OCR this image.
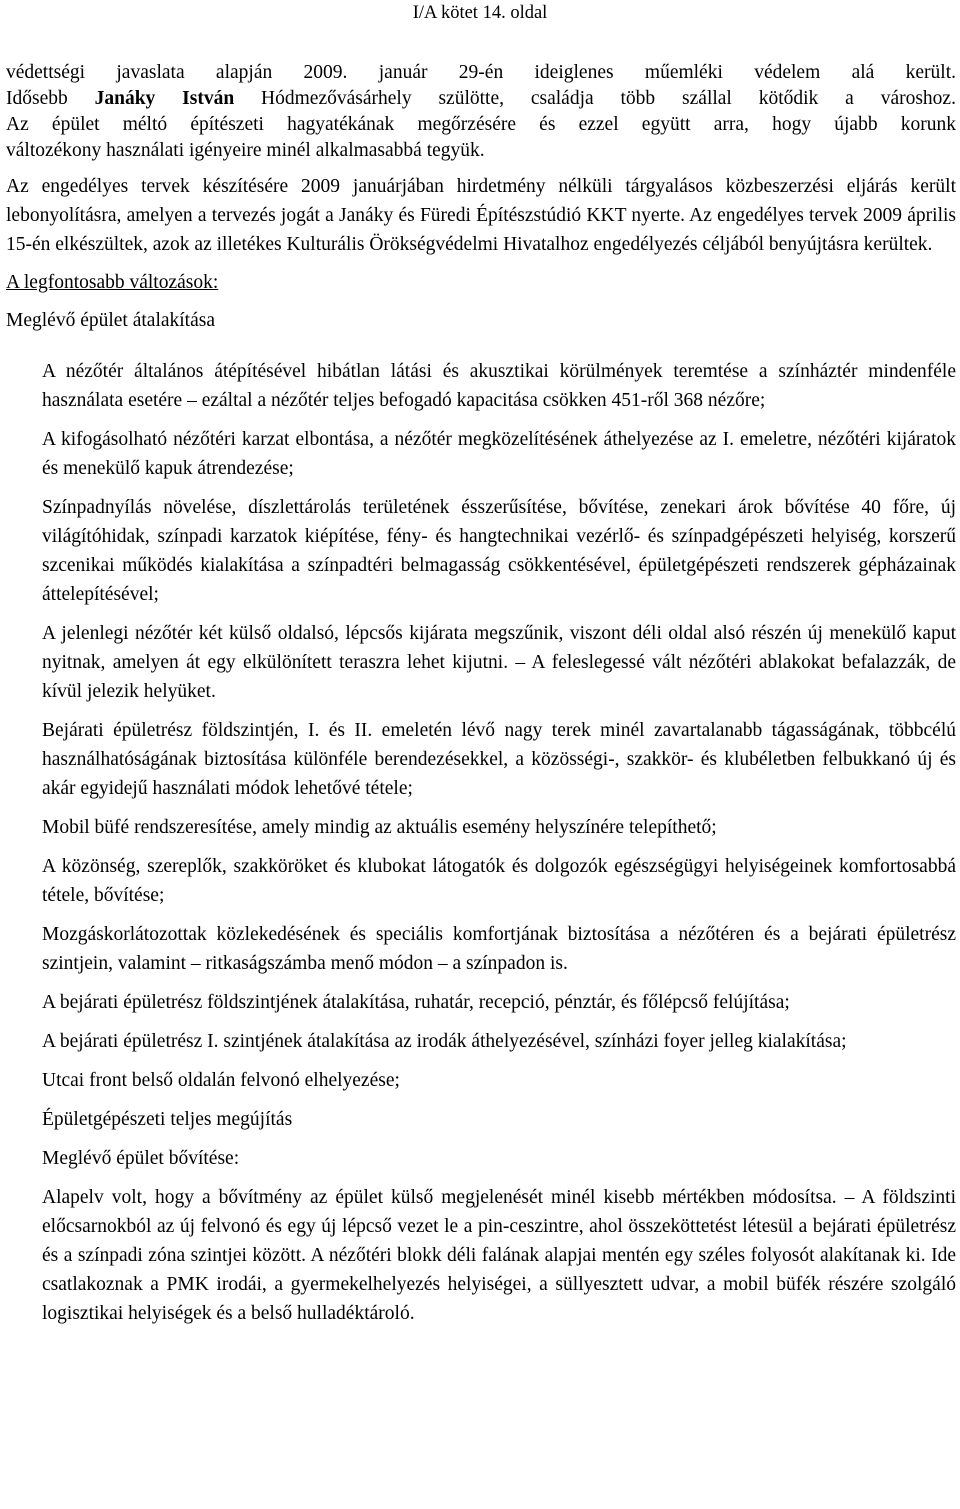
I/A kötet 14. oldal
védettségi javaslata alapján 2009. január 29-én ideiglenes műemléki védelem alá került.
Idősebb Janáky István Hódmezővásárhely szülötte, családja több szállal kötődik a városhoz.
Az épület méltó építészeti hagyatékának megőrzésére és ezzel együtt arra, hogy újabb korunk
változékony használati igényeire minél alkalmasabbá tegyük.

Az engedélyes tervek készítésére 2009 januárjában hirdetmény nélküli tárgyalásos közbeszerzési eljárás került lebonyolításra, amelyen a tervezés jogát a Janáky és Füredi Építészstúdió KKT nyerte. Az engedélyes tervek 2009 április 15-én elkészültek, azok az illetékes Kulturális Örökségvédelmi Hivatalhoz engedélyezés céljából benyújtásra kerültek.

A legfontosabb változások:

Meglévő épület átalakítása

A nézőtér általános átépítésével hibátlan látási és akusztikai körülmények teremtése a színháztér mindenféle használata esetére – ezáltal a nézőtér teljes befogadó kapacitása csökken 451-ről 368 nézőre;

A kifogásolható nézőtéri karzat elbontása, a nézőtér megközelítésének áthelyezése az I. emeletre, nézőtéri kijáratok és menekülő kapuk átrendezése;

Színpadnyílás növelése, díszlettárolás területének ésszerűsítése, bővítése, zenekari árok bővítése 40 főre, új világítóhidak, színpadi karzatok kiépítése, fény- és hangtechnikai vezérlő- és színpadgépészeti helyiség, korszerű szcenikai működés kialakítása a színpadtéri belmagasság csökkentésével, épületgépészeti rendszerek gépházainak áttelepítésével;

A jelenlegi nézőtér két külső oldalsó, lépcsős kijárata megszűnik, viszont déli oldal alsó részén új menekülő kaput nyitnak, amelyen át egy elkülönített teraszra lehet kijutni. – A feleslegessé vált nézőtéri ablakokat befalazzák, de kívül jelezik helyüket.

Bejárati épületrész földszintjén, I. és II. emeletén lévő nagy terek minél zavartalanabb tágasságának, többcélú használhatóságának biztosítása különféle berendezésekkel, a közösségi-, szakkör- és klubéletben felbukkanó új és akár egyidejű használati módok lehetővé tétele;

Mobil büfé rendszeresítése, amely mindig az aktuális esemény helyszínére telepíthető;

A közönség, szereplők, szakköröket és klubokat látogatók és dolgozók egészségügyi helyiségeinek komfortosabbá tétele, bővítése;

Mozgáskorlátozottak közlekedésének és speciális komfortjának biztosítása a nézőtéren és a bejárati épületrész szintjein, valamint – ritkaságszámba menő módon – a színpadon is.

A bejárati épületrész földszintjének átalakítása, ruhatár, recepció, pénztár, és főlépcső felújítása;

A bejárati épületrész I. szintjének átalakítása az irodák áthelyezésével, színházi foyer jelleg kialakítása;

Utcai front belső oldalán felvonó elhelyezése;

Épületgépészeti teljes megújítás

Meglévő épület bővítése:

Alapelv volt, hogy a bővítmény az épület külső megjelenését minél kisebb mértékben módosítsa. – A földszinti előcsarnokból az új felvonó és egy új lépcső vezet le a pin-ceszintre, ahol összeköttetést létesül a bejárati épületrész és a színpadi zóna szintjei között. A nézőtéri blokk déli falának alapjai mentén egy széles folyosót alakítanak ki. Ide csatlakoznak a PMK irodái, a gyermekelhelyezés helyiségei, a süllyesztett udvar, a mobil büfék részére szolgáló logisztikai helyiségek és a belső hulladéktároló.
